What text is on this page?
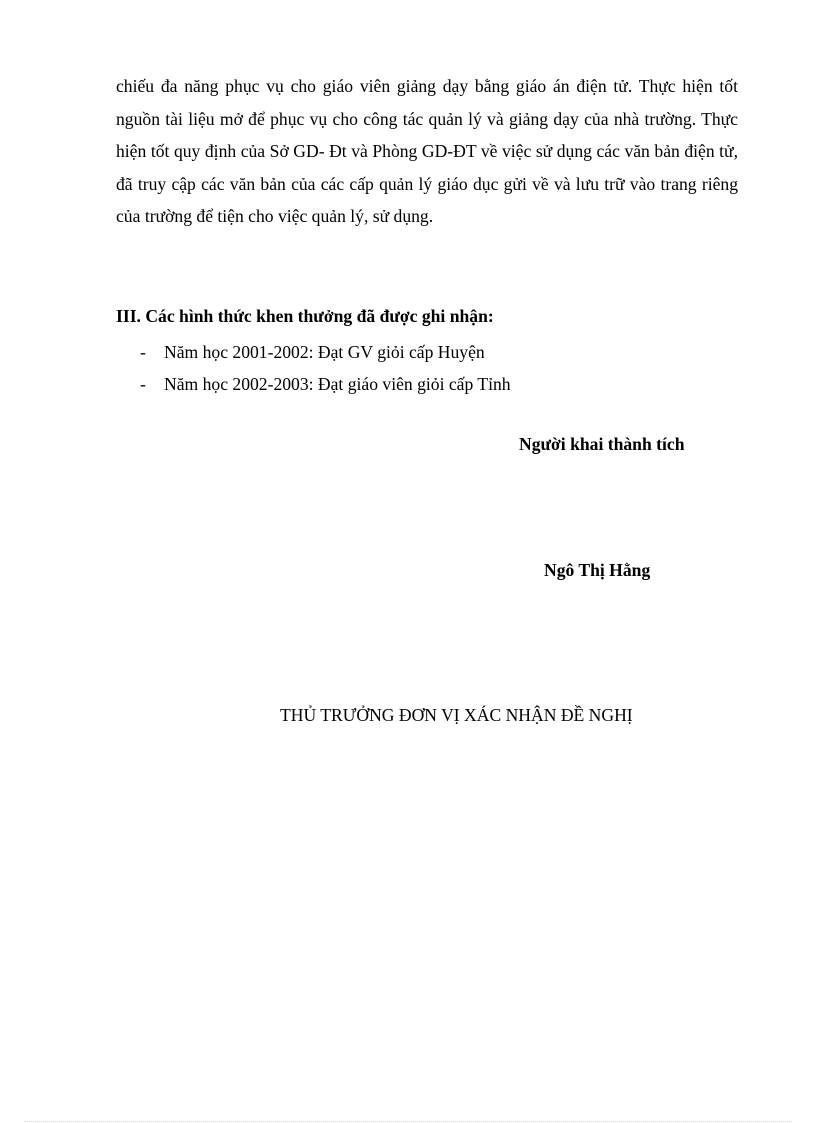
chiếu đa năng phục vụ cho giáo viên giảng dạy bằng giáo án điện tử. Thực hiện tốt nguồn tài liệu mở để phục vụ cho công tác quản lý và giảng dạy của nhà trường. Thực hiện tốt quy định của Sở GD- Đt và Phòng GD-ĐT về việc sử dụng các văn bản điện tử, đã truy cập các văn bản của các cấp quản lý giáo dục gửi về và lưu trữ vào trang riêng của trường để tiện cho việc quản lý, sử dụng.

III. Các hình thức khen thưởng đã được ghi nhận:

- Năm học 2001-2002: Đạt GV giỏi cấp Huyện
- Năm học 2002-2003: Đạt giáo viên giỏi cấp Tỉnh

Người khai thành tích

Ngô Thị Hằng

THỦ TRƯỞNG ĐƠN VỊ XÁC NHẬN ĐỀ NGHỊ
